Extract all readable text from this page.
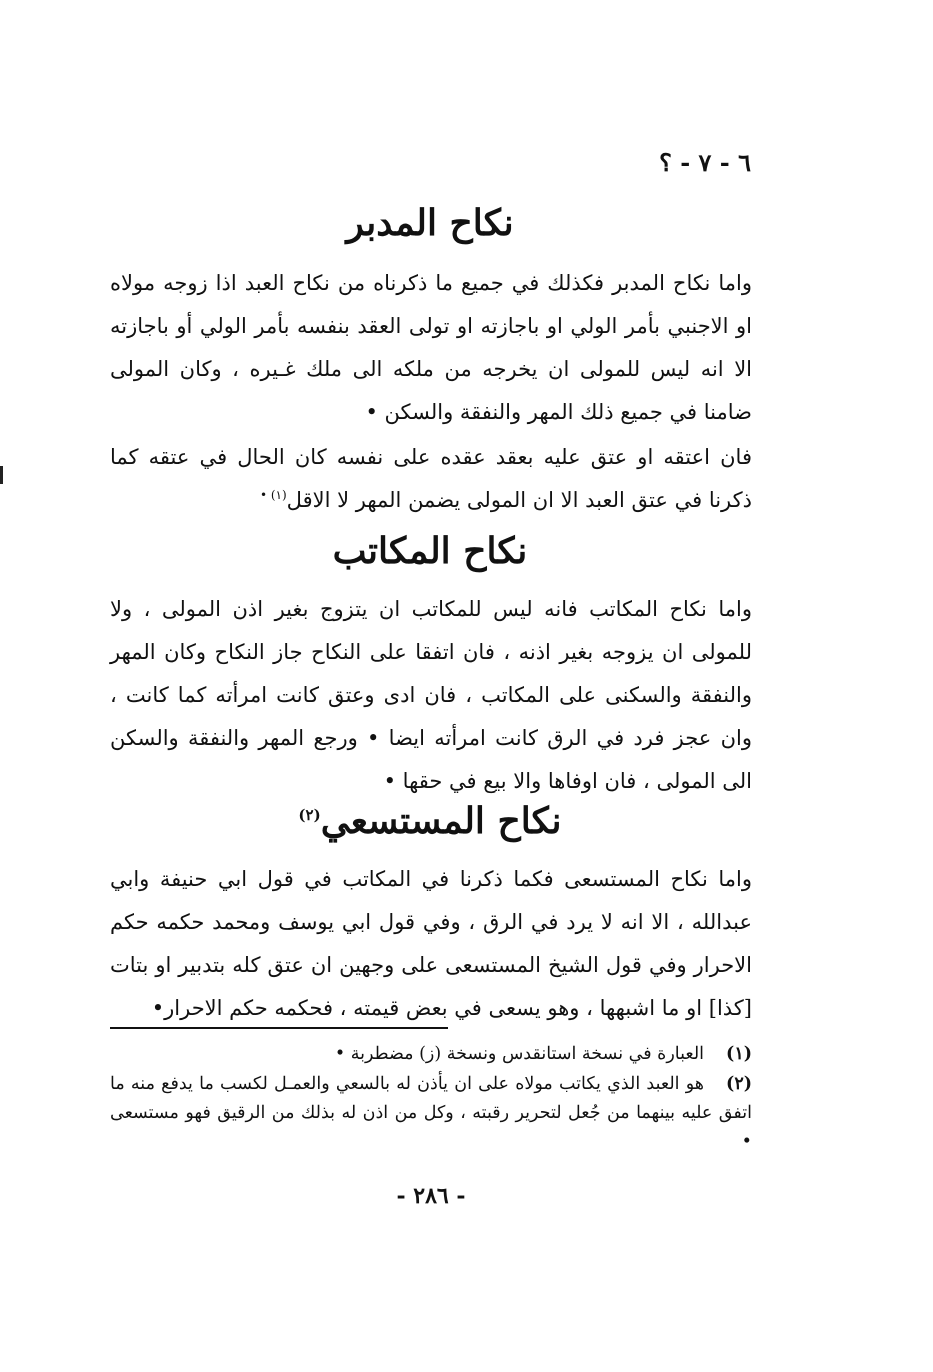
٦ - ٧ - ؟
نكاح المدبر

واما نكاح المدبر فكذلك في جميع ما ذكرناه من نكاح العبد اذا زوجه مولاه او الاجنبي بأمر الولي او باجازته او تولى العقد بنفسه بأمر الولي أو باجازته الا انه ليس للمولى ان يخرجه من ملكه الى ملك غـيره ، وكان المولى ضامنا في جميع ذلك المهر والنفقة والسكن •

فان اعتقه او عتق عليه بعقد عقده على نفسه كان الحال في عتقه كما ذكرنا في عتق العبد الا ان المولى يضمن المهر لا الاقل$^{(١) •}$

نكاح المكاتب

واما نكاح المكاتب فانه ليس للمكاتب ان يتزوج بغير اذن المولى ، ولا للمولى ان يزوجه بغير اذنه ، فان اتفقا على النكاح جاز النكاح وكان المهر والنفقة والسكنى على المكاتب ، فان ادى وعتق كانت امرأته كما كانت ، وان عجز فرد في الرق كانت امرأته ايضا • ورجع المهر والنفقة والسكن الى المولى ، فان اوفاها والا بيع في حقها •

نكاح المستسعي$^{(٢)}$

واما نكاح المستسعى فكما ذكرنا في المكاتب في قول ابي حنيفة وابي عبدالله ، الا انه لا يرد في الرق ، وفي قول ابي يوسف ومحمد حكمه حكم الاحرار وفي قول الشيخ المستسعى على وجهين ان عتق كله بتدبير او بتات [كذا] او ما اشبهها ، وهو يسعى في بعض قيمته ، فحكمه حكم الاحرار•

(١)العبارة في نسخة استانقدس ونسخة (ز) مضطربة •

(٢)هو العبد الذي يكاتب مولاه على ان يأذن له بالسعي والعمـل لكسب ما يدفع منه ما اتفق عليه بينهما من جُعل لتحرير رقبته ، وكل من اذن له بذلك من الرقيق فهو مستسعى •

- ٢٨٦ -
